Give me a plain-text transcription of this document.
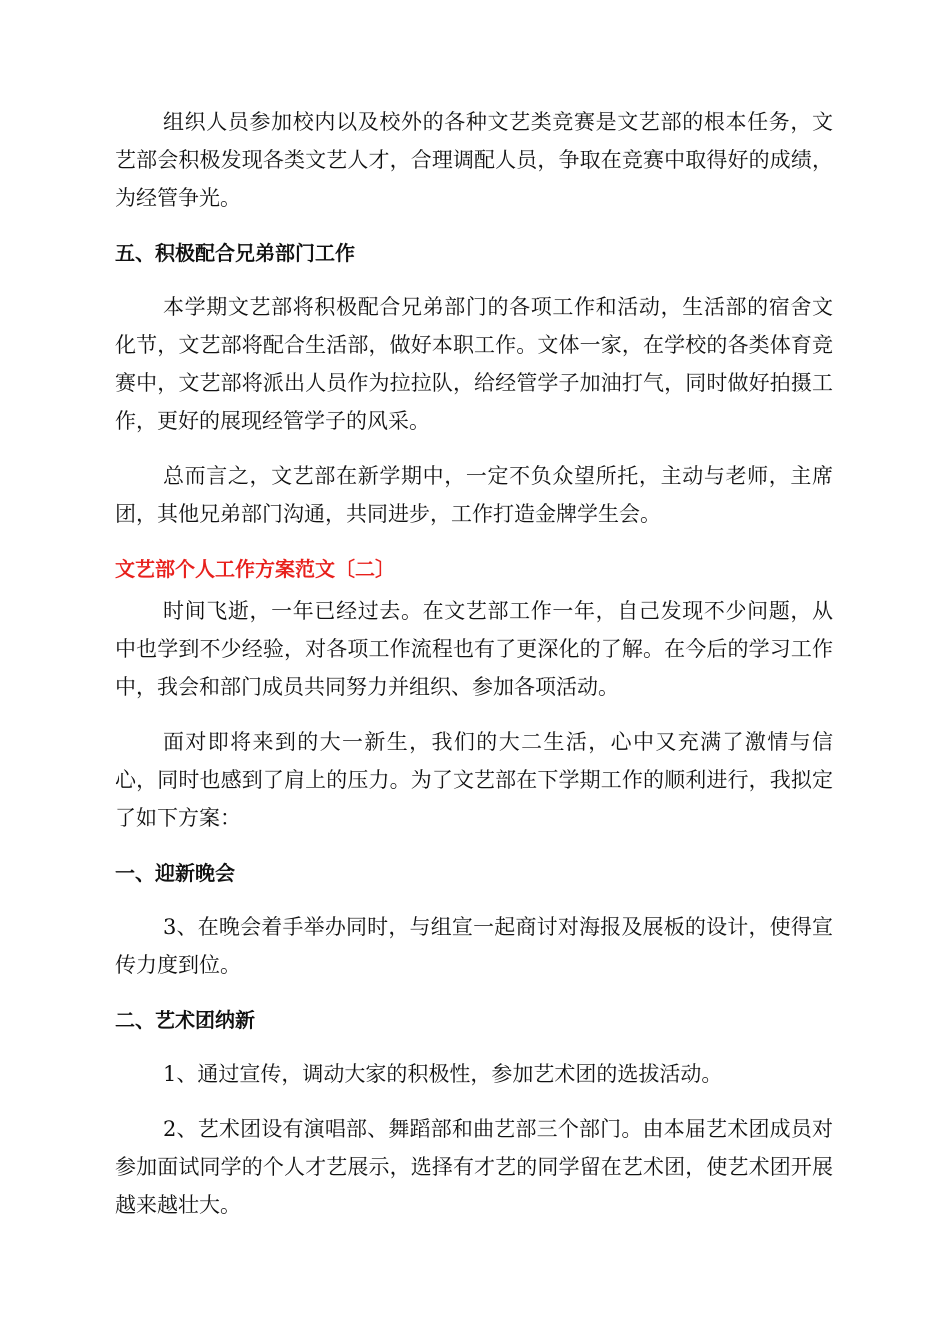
组织人员参加校内以及校外的各种文艺类竞赛是文艺部的根本任务，文艺部会积极发现各类文艺人才，合理调配人员，争取在竞赛中取得好的成绩，为经管争光。

五、积极配合兄弟部门工作

本学期文艺部将积极配合兄弟部门的各项工作和活动，生活部的宿舍文化节，文艺部将配合生活部，做好本职工作。文体一家，在学校的各类体育竞赛中，文艺部将派出人员作为拉拉队，给经管学子加油打气，同时做好拍摄工作，更好的展现经管学子的风采。

总而言之，文艺部在新学期中，一定不负众望所托，主动与老师，主席团，其他兄弟部门沟通，共同进步，工作打造金牌学生会。

文艺部个人工作方案范文〔二〕

时间飞逝，一年已经过去。在文艺部工作一年，自己发现不少问题，从中也学到不少经验，对各项工作流程也有了更深化的了解。在今后的学习工作中，我会和部门成员共同努力并组织、参加各项活动。

面对即将来到的大一新生，我们的大二生活，心中又充满了激情与信心，同时也感到了肩上的压力。为了文艺部在下学期工作的顺利进行，我拟定了如下方案：

一、迎新晚会

3、在晚会着手举办同时，与组宣一起商讨对海报及展板的设计，使得宣传力度到位。

二、艺术团纳新

1、通过宣传，调动大家的积极性，参加艺术团的选拔活动。

2、艺术团设有演唱部、舞蹈部和曲艺部三个部门。由本届艺术团成员对参加面试同学的个人才艺展示，选择有才艺的同学留在艺术团，使艺术团开展越来越壮大。
